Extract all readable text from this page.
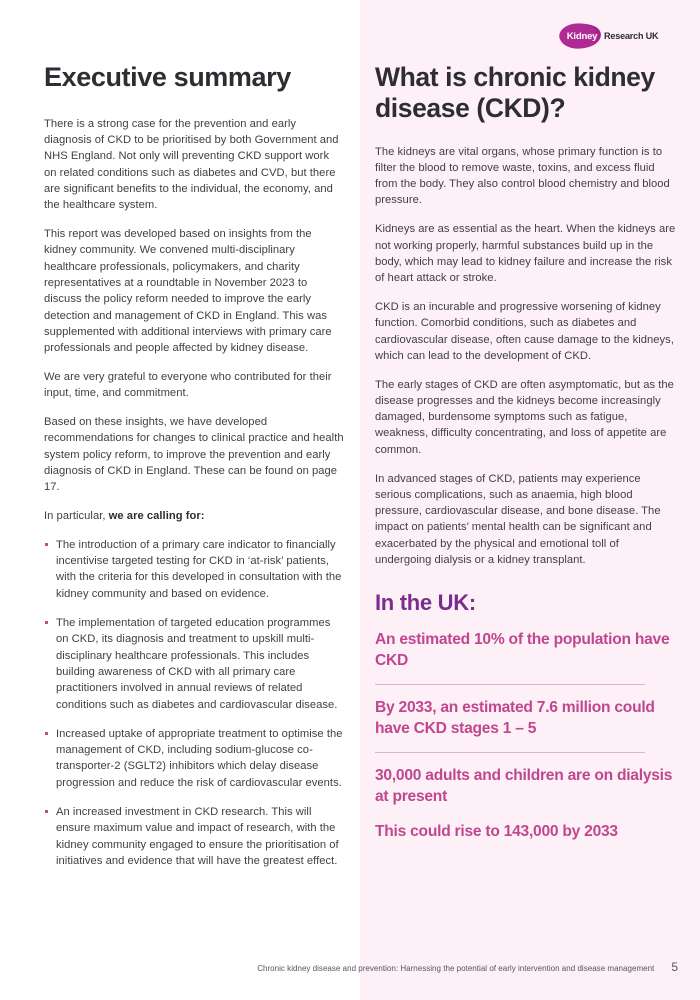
Kidney Research UK
Executive summary

There is a strong case for the prevention and early diagnosis of CKD to be prioritised by both Government and NHS England. Not only will preventing CKD support work on related conditions such as diabetes and CVD, but there are significant benefits to the individual, the economy, and the healthcare system.

This report was developed based on insights from the kidney community. We convened multi-disciplinary healthcare professionals, policymakers, and charity representatives at a roundtable in November 2023 to discuss the policy reform needed to improve the early detection and management of CKD in England. This was supplemented with additional interviews with primary care professionals and people affected by kidney disease.

We are very grateful to everyone who contributed for their input, time, and commitment.

Based on these insights, we have developed recommendations for changes to clinical practice and health system policy reform, to improve the prevention and early diagnosis of CKD in England. These can be found on page 17.

In particular, we are calling for:

The introduction of a primary care indicator to financially incentivise targeted testing for CKD in ‘at-risk’ patients, with the criteria for this developed in consultation with the kidney community and based on evidence.
The implementation of targeted education programmes on CKD, its diagnosis and treatment to upskill multi-disciplinary healthcare professionals. This includes building awareness of CKD with all primary care practitioners involved in annual reviews of related conditions such as diabetes and cardiovascular disease.
Increased uptake of appropriate treatment to optimise the management of CKD, including sodium-glucose co-transporter-2 (SGLT2) inhibitors which delay disease progression and reduce the risk of cardiovascular events.
An increased investment in CKD research. This will ensure maximum value and impact of research, with the kidney community engaged to ensure the prioritisation of initiatives and evidence that will have the greatest effect.
What is chronic kidney disease (CKD)?

The kidneys are vital organs, whose primary function is to filter the blood to remove waste, toxins, and excess fluid from the body. They also control blood chemistry and blood pressure.

Kidneys are as essential as the heart. When the kidneys are not working properly, harmful substances build up in the body, which may lead to kidney failure and increase the risk of heart attack or stroke.

CKD is an incurable and progressive worsening of kidney function. Comorbid conditions, such as diabetes and cardiovascular disease, often cause damage to the kidneys, which can lead to the development of CKD.

The early stages of CKD are often asymptomatic, but as the disease progresses and the kidneys become increasingly damaged, burdensome symptoms such as fatigue, weakness, difficulty concentrating, and loss of appetite are common.

In advanced stages of CKD, patients may experience serious complications, such as anaemia, high blood pressure, cardiovascular disease, and bone disease. The impact on patients’ mental health can be significant and exacerbated by the physical and emotional toll of undergoing dialysis or a kidney transplant.

In the UK:
An estimated 10% of the population have CKD
By 2033, an estimated 7.6 million could have CKD stages 1 – 5
30,000 adults and children are on dialysis at present
This could rise to 143,000 by 2033
Chronic kidney disease and prevention: Harnessing the potential of early intervention and disease management 5
